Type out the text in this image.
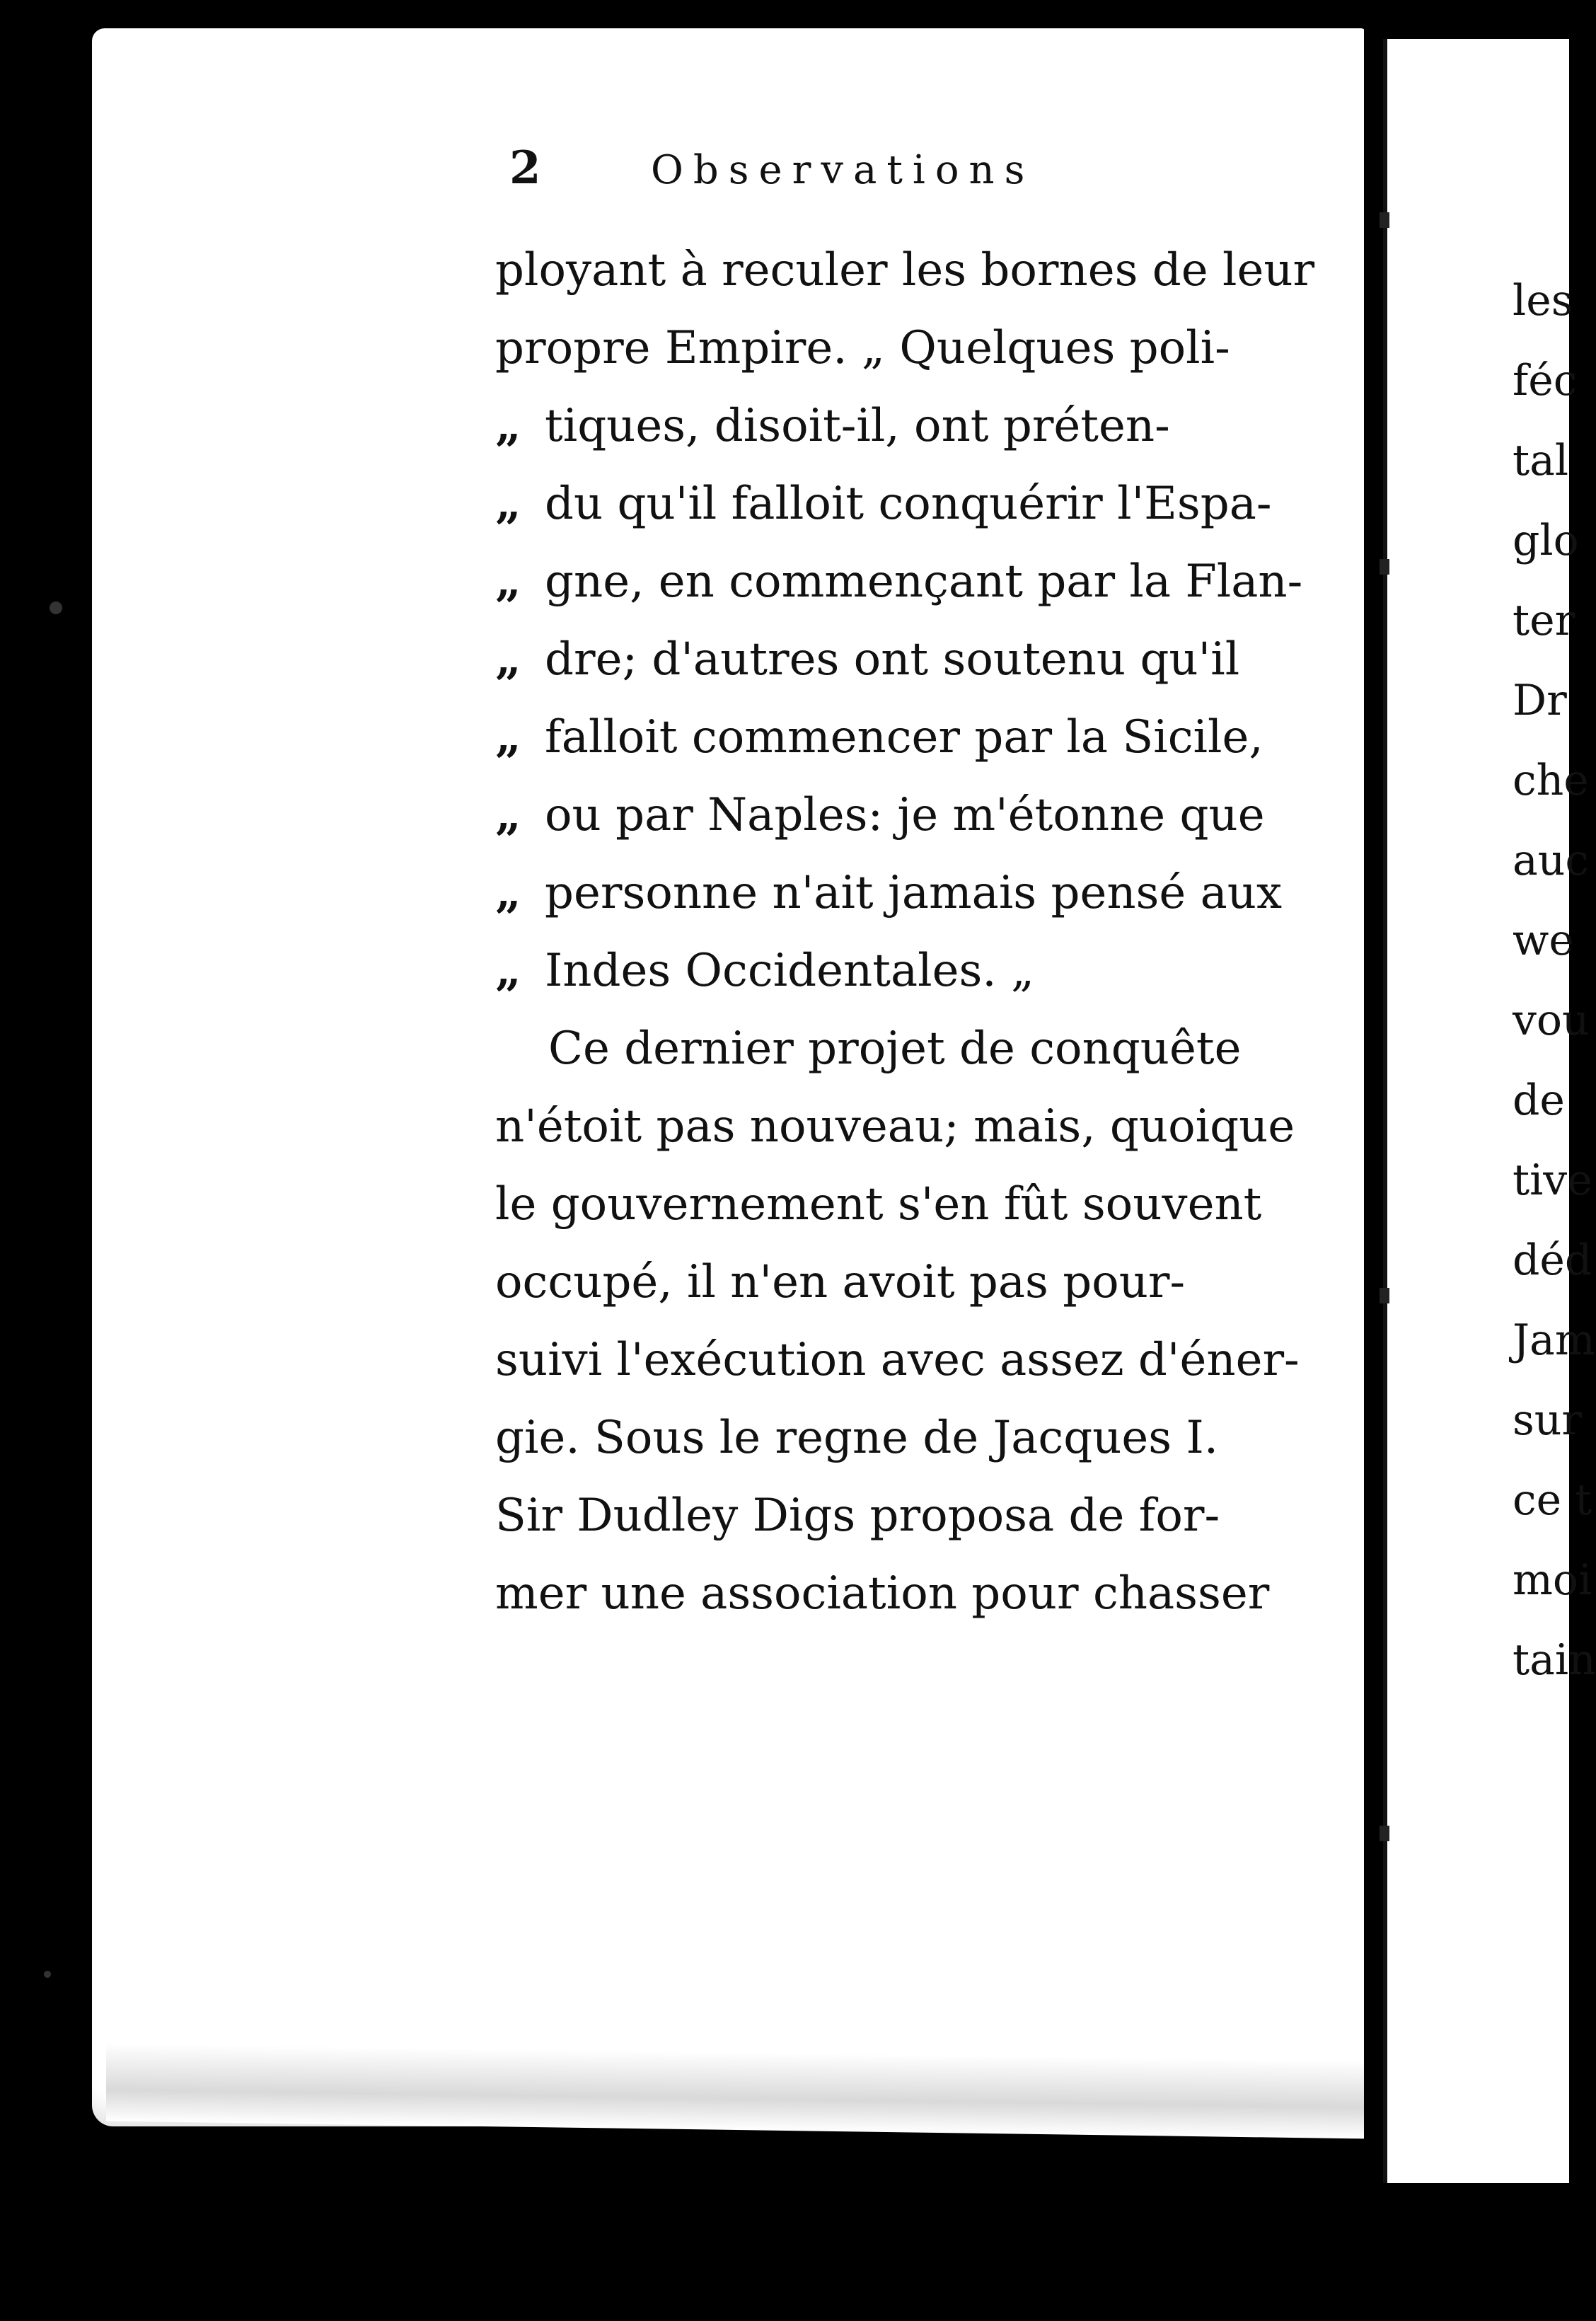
2	Observations
ployant à reculer les bornes de leur
propre Empire. „ Quelques poli-
„ tiques, disoit-il, ont préten-
„ du qu'il falloit conquérir l'Espa-
„ gne, en commençant par la Flan-
„ dre; d'autres ont soutenu qu'il
„ falloit commencer par la Sicile,
„ ou par Naples: je m'étonne que
„ personne n'ait jamais pensé aux
„ Indes Occidentales. „
Ce dernier projet de conquête
n'étoit pas nouveau; mais, quoique
le gouvernement s'en fût souvent
occupé, il n'en avoit pas pour-
suivi l'exécution avec assez d'éner-
gie. Sous le regne de Jacques I.
Sir Dudley Digs proposa de for-
mer une association pour chasser
les
féc
tal
glo
ter
Dr
che
auc
we
vou
de
tive
déd
Jam
sur
ce t
moi
tain
